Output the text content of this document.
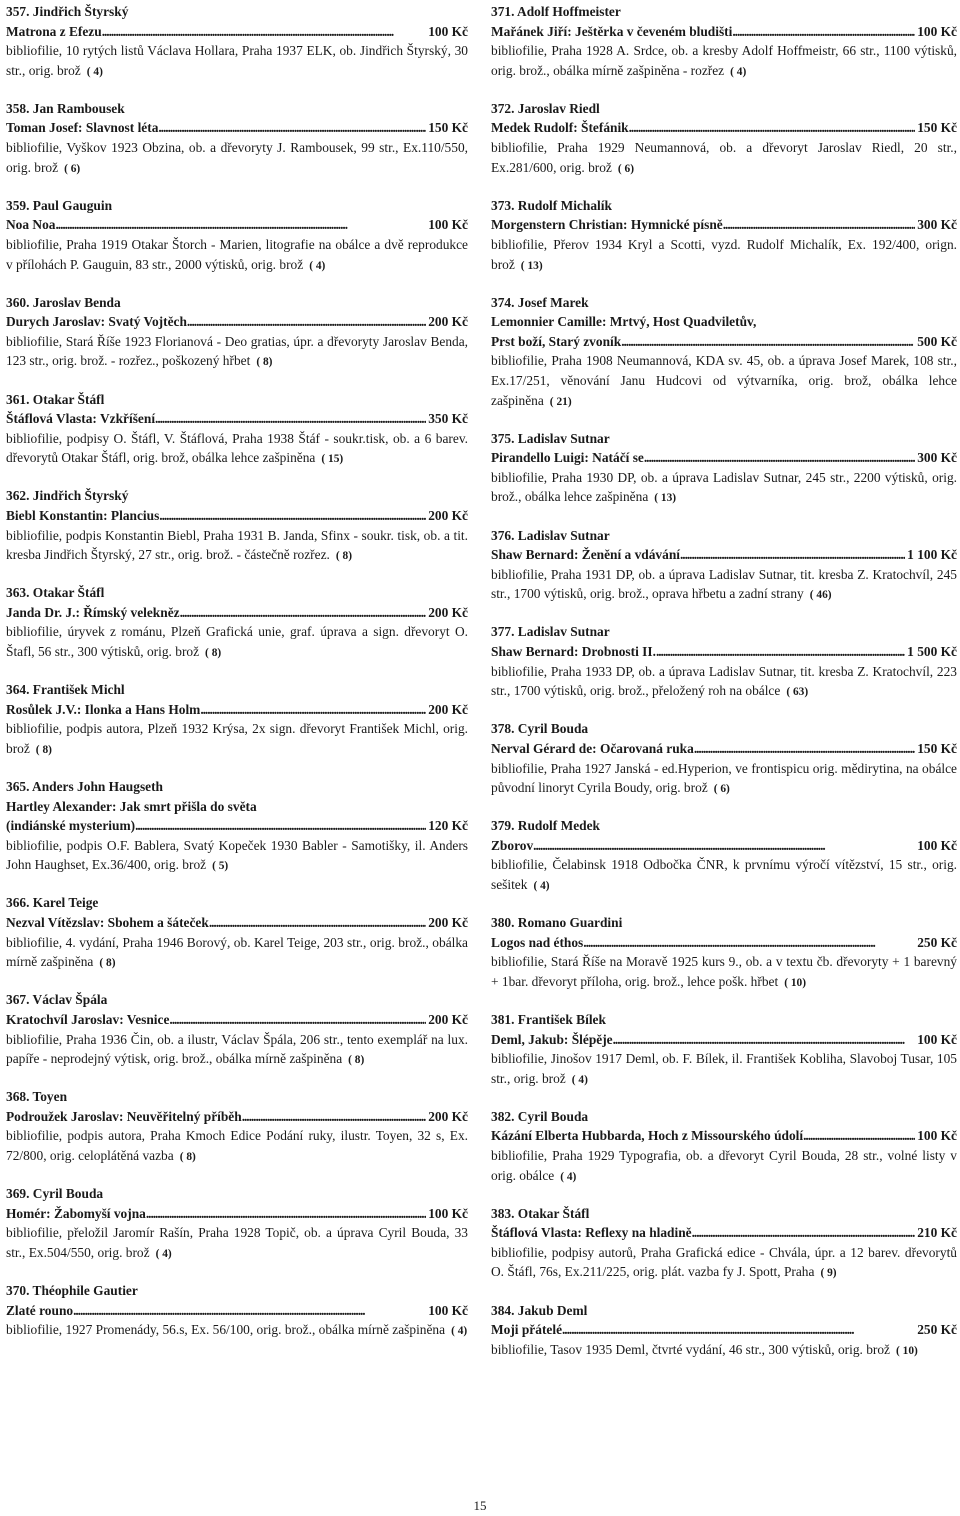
357. Jindřich Štyrský
Matrona z Efezu . . .	100 Kč
bibliofilie, 10 rytých listů Václava Hollara, Praha 1937 ELK, ob. Jindřich Štyrský, 30 str., orig. brož ( 4)
358. Jan Rambousek
Toman Josef: Slavnost léta . . .	150 Kč
bibliofilie, Vyškov 1923 Obzina, ob. a dřevoryty J. Rambousek, 99 str., Ex.110/550, orig. brož ( 6)
359. Paul Gauguin
Noa Noa . . .	100 Kč
bibliofilie, Praha 1919 Otakar Štorch - Marien, litografie na obálce a dvě reprodukce v přílohách P. Gauguin, 83 str., 2000 výtisků, orig. brož ( 4)
360. Jaroslav Benda
Durych Jaroslav: Svatý Vojtěch . . .	200 Kč
bibliofilie, Stará Říše 1923 Florianová - Deo gratias, úpr. a dřevoryty Jaroslav Benda, 123 str., orig. brož. - rozřez., poškozený hřbet ( 8)
361. Otakar Štáfl
Štáflová Vlasta: Vzkříšení . . .	350 Kč
bibliofilie, podpisy O. Štáfl, V. Štáflová, Praha 1938 Štáf - soukr.tisk, ob. a 6 barev. dřevorytů Otakar Štáfl, orig. brož, obálka lehce zašpiněna ( 15)
362. Jindřich Štyrský
Biebl Konstantin: Plancius . . .	200 Kč
bibliofilie, podpis Konstantin Biebl, Praha 1931 B. Janda, Sfinx - soukr. tisk, ob. a tit. kresba Jindřich Štyrský, 27 str., orig. brož. - částečně rozřez. ( 8)
363. Otakar Štáfl
Janda Dr. J.: Římský velekněz . . .	200 Kč
bibliofilie, úryvek z románu, Plzeň Grafická unie, graf. úprava a sign. dřevoryt O. Štafl, 56 str., 300 výtisků, orig. brož ( 8)
364. František Michl
Rosůlek J.V.: Ilonka a Hans Holm . . .	200 Kč
bibliofilie, podpis autora, Plzeň 1932 Krýsa, 2x sign. dřevoryt František Michl, orig. brož ( 8)
365. Anders John Haugseth
Hartley Alexander: Jak smrt přišla do světa
(indiánské mysterium) . . .	120 Kč
bibliofilie, podpis O.F. Bablera, Svatý Kopeček 1930 Babler - Samotišky, il. Anders John Haughset, Ex.36/400, orig. brož ( 5)
366. Karel Teige
Nezval Vítězslav: Sbohem a šáteček . . .	200 Kč
bibliofilie, 4. vydání, Praha 1946 Borový, ob. Karel Teige, 203 str., orig. brož., obálka mírně zašpiněna ( 8)
367. Václav Špála
Kratochvíl Jaroslav: Vesnice . . .	200 Kč
bibliofilie, Praha 1936 Čin, ob. a ilustr, Václav Špála, 206 str., tento exemplář na lux. papíře - neprodejný výtisk, orig. brož., obálka mírně zašpiněna ( 8)
368. Toyen
Podroužek Jaroslav: Neuvěřitelný příběh . . .	200 Kč
bibliofilie, podpis autora, Praha Kmoch Edice Podání ruky, ilustr. Toyen, 32 s, Ex. 72/800, orig. celoplátěná vazba ( 8)
369. Cyril Bouda
Homér: Žabomyší vojna . . .	100 Kč
bibliofilie, přeložil Jaromír Rašín, Praha 1928 Topič, ob. a úprava Cyril Bouda, 33 str., Ex.504/550, orig. brož ( 4)
370. Théophile Gautier
Zlaté rouno . . .	100 Kč
bibliofilie, 1927 Promenády, 56.s, Ex. 56/100, orig. brož., obálka mírně zašpiněna ( 4)
371. Adolf Hoffmeister
Mařánek Jiří: Ještěrka v čeveném bludišti . . .	100 Kč
bibliofilie, Praha 1928 A. Srdce, ob. a kresby Adolf Hoffmeistr, 66 str., 1100 výtisků, orig. brož., obálka mírně zašpiněna - rozřez ( 4)
372. Jaroslav Riedl
Medek Rudolf: Štefánik . . .	150 Kč
bibliofilie, Praha 1929 Neumannová, ob. a dřevoryt Jaroslav Riedl, 20 str., Ex.281/600, orig. brož ( 6)
373. Rudolf Michalík
Morgenstern Christian: Hymnické písně . . .	300 Kč
bibliofilie, Přerov 1934 Kryl a Scotti, vyzd. Rudolf Michalík, Ex. 192/400, orign. brož ( 13)
374. Josef Marek
Lemonnier Camille: Mrtvý, Host Quadviletův,
Prst boží, Starý zvoník . . .	500 Kč
bibliofilie, Praha 1908 Neumannová, KDA sv. 45, ob. a úprava Josef Marek, 108 str., Ex.17/251, věnování Janu Hudcovi od výtvarníka, orig. brož, obálka lehce zašpiněna ( 21)
375. Ladislav Sutnar
Pirandello Luigi: Natáčí se . . .	300 Kč
bibliofilie, Praha 1930 DP, ob. a úprava Ladislav Sutnar, 245 str., 2200 výtisků, orig. brož., obálka lehce zašpiněna ( 13)
376. Ladislav Sutnar
Shaw Bernard: Ženění a vdávání . . .	1 100 Kč
bibliofilie, Praha 1931 DP, ob. a úprava Ladislav Sutnar, tit. kresba Z. Kratochvíl, 245 str., 1700 výtisků, orig. brož., oprava hřbetu a zadní strany ( 46)
377. Ladislav Sutnar
Shaw Bernard: Drobnosti II. . . .	1 500 Kč
bibliofilie, Praha 1933 DP, ob. a úprava Ladislav Sutnar, tit. kresba Z. Kratochvíl, 223 str., 1700 výtisků, orig. brož., přeložený roh na obálce ( 63)
378. Cyril Bouda
Nerval Gérard de: Očarovaná ruka . . .	150 Kč
bibliofilie, Praha 1927 Janská - ed.Hyperion, ve frontispicu orig. mědirytina, na obálce původní linoryt Cyrila Boudy, orig. brož ( 6)
379. Rudolf Medek
Zborov . . .	100 Kč
bibliofilie, Čelabinsk 1918 Odbočka ČNR, k prvnímu výročí vítězství, 15 str., orig. sešitek ( 4)
380. Romano Guardini
Logos nad éthos . . .	250 Kč
bibliofilie, Stará Říše na Moravě 1925 kurs 9., ob. a v textu čb. dřevoryty + 1 barevný + 1bar. dřevoryt příloha, orig. brož., lehce pošk. hřbet ( 10)
381. František Bílek
Deml, Jakub: Šlépěje . . .	100 Kč
bibliofilie, Jinošov 1917 Deml, ob. F. Bílek, il. František Kobliha, Slavoboj Tusar, 105 str., orig. brož ( 4)
382. Cyril Bouda
Kázání Elberta Hubbarda, Hoch z Missourského údolí . . .	100 Kč
bibliofilie, Praha 1929 Typografia, ob. a dřevoryt Cyril Bouda, 28 str., volné listy v orig. obálce ( 4)
383. Otakar Štáfl
Štáflová Vlasta: Reflexy na hladině . . .	210 Kč
bibliofilie, podpisy autorů, Praha Grafická edice - Chvála, úpr. a 12 barev. dřevorytů O. Štáfl, 76s, Ex.211/225, orig. plát. vazba fy J. Spott, Praha ( 9)
384. Jakub Deml
Moji přátelé . . .	250 Kč
bibliofilie, Tasov 1935 Deml, čtvrté vydání, 46 str., 300 výtisků, orig. brož ( 10)
15
